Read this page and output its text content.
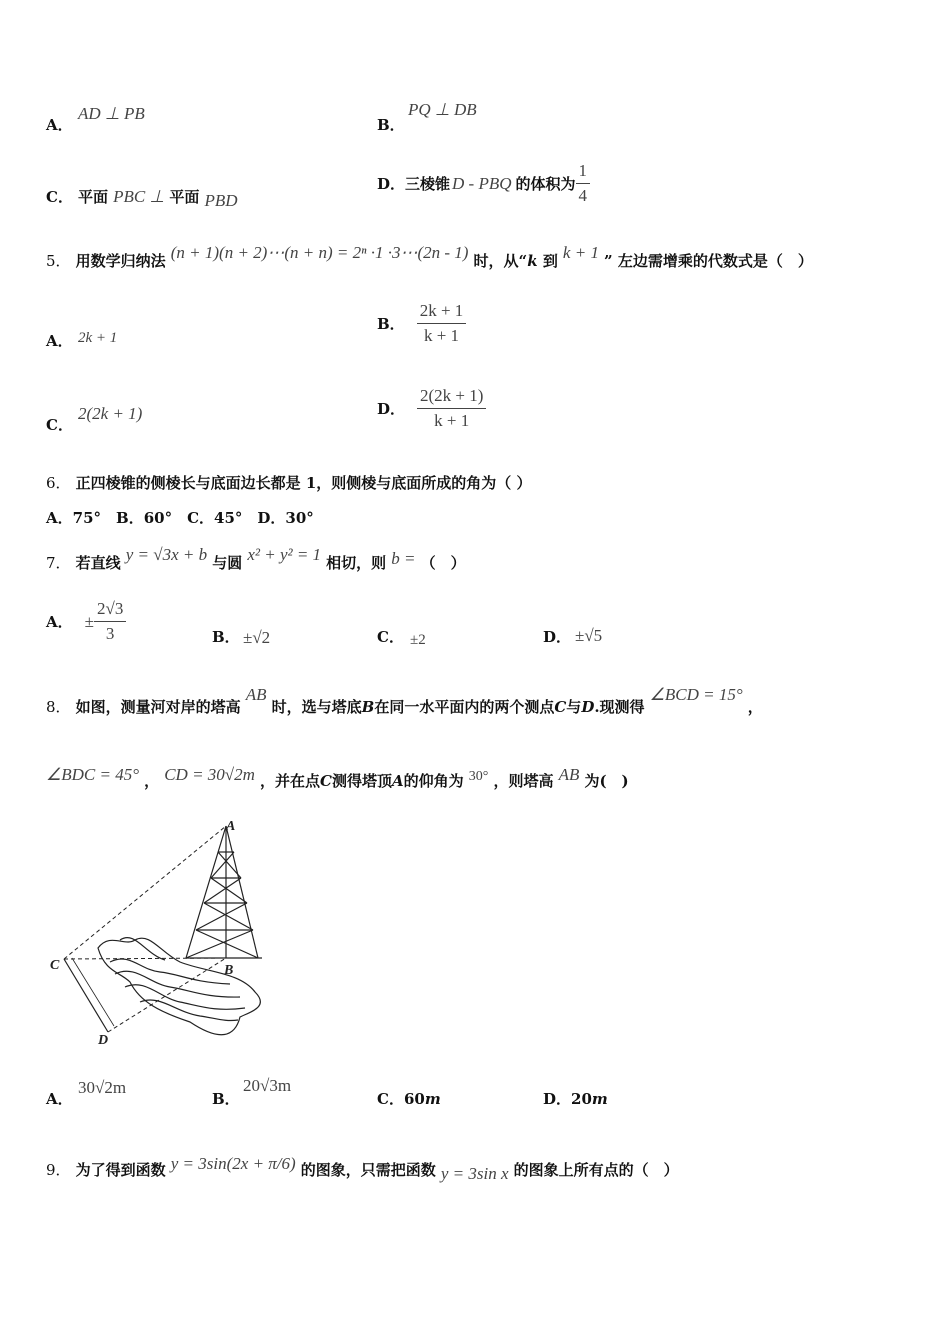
A．
AD ⊥ PB
B．
PQ ⊥ DB
C． 平面 PBC ⊥ 平面 PBD
D． 三棱锥 D - PBQ 的体积为 $\frac{1}{4}$
5． 用数学归纳法 (n + 1)(n + 2)⋯(n + n) = 2ⁿ ·1 ·3⋯(2n - 1) 时，从“k 到 k + 1 ” 左边需增乘的代数式是（　）
A． 2k + 1
B． $\frac{2k + 1}{k + 1}$
C．
2(2k + 1)	D． $\frac{2(2k + 1)}{k + 1}$
6． 正四棱锥的侧棱长与底面边长都是 1，则侧棱与底面所成的角为（ ）
A．75°　B．60°　C．45°　D．30°
7． 若直线 y = √3x + b 与圆 x² + y² = 1 相切，则 b = （　）
A． ± $\frac{2√3}{3}$	B． ±√2	C． ±2	D． ±√5
8． 如图，测量河对岸的塔高 AB 时，选与塔底B在同一水平面内的两个测点C与D.现测得 ∠BCD = 15° ，
∠BDC = 45° ， CD = 30√2m ，并在点C测得塔顶A的仰角为 30° ，则塔高 AB 为(　)
A
B
C
D
A．
30√2m
B．
20√3m
C．60m	D．20m
9． 为了得到函数 y = 3sin(2x + π/6) 的图象，只需把函数 y = 3sin x 的图象上所有点的（　）
